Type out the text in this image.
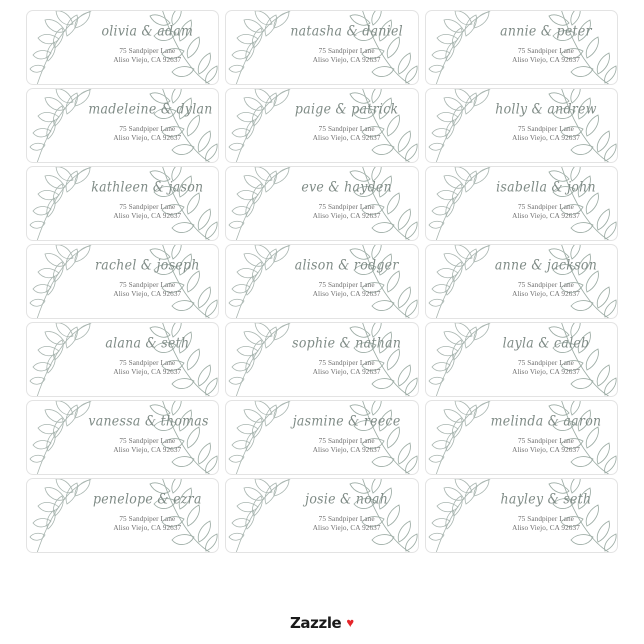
olivia & adam
75 Sandpiper Lane
Aliso Viejo, CA 92637
natasha & daniel
75 Sandpiper Lane
Aliso Viejo, CA 92637
annie & peter
75 Sandpiper Lane
Aliso Viejo, CA 92637
madeleine & dylan
75 Sandpiper Lane
Aliso Viejo, CA 92637
paige & patrick
75 Sandpiper Lane
Aliso Viejo, CA 92637
holly & andrew
75 Sandpiper Lane
Aliso Viejo, CA 92637
kathleen & jason
75 Sandpiper Lane
Aliso Viejo, CA 92637
eve & hayden
75 Sandpiper Lane
Aliso Viejo, CA 92637
isabella & john
75 Sandpiper Lane
Aliso Viejo, CA 92637
rachel & joseph
75 Sandpiper Lane
Aliso Viejo, CA 92637
alison & rodger
75 Sandpiper Lane
Aliso Viejo, CA 92637
anne & jackson
75 Sandpiper Lane
Aliso Viejo, CA 92637
alana & seth
75 Sandpiper Lane
Aliso Viejo, CA 92637
sophie & nathan
75 Sandpiper Lane
Aliso Viejo, CA 92637
layla & caleb
75 Sandpiper Lane
Aliso Viejo, CA 92637
vanessa & thomas
75 Sandpiper Lane
Aliso Viejo, CA 92637
jasmine & reece
75 Sandpiper Lane
Aliso Viejo, CA 92637
melinda & aaron
75 Sandpiper Lane
Aliso Viejo, CA 92637
penelope & ezra
75 Sandpiper Lane
Aliso Viejo, CA 92637
josie & noah
75 Sandpiper Lane
Aliso Viejo, CA 92637
hayley & seth
75 Sandpiper Lane
Aliso Viejo, CA 92637
Zazzle ♥
